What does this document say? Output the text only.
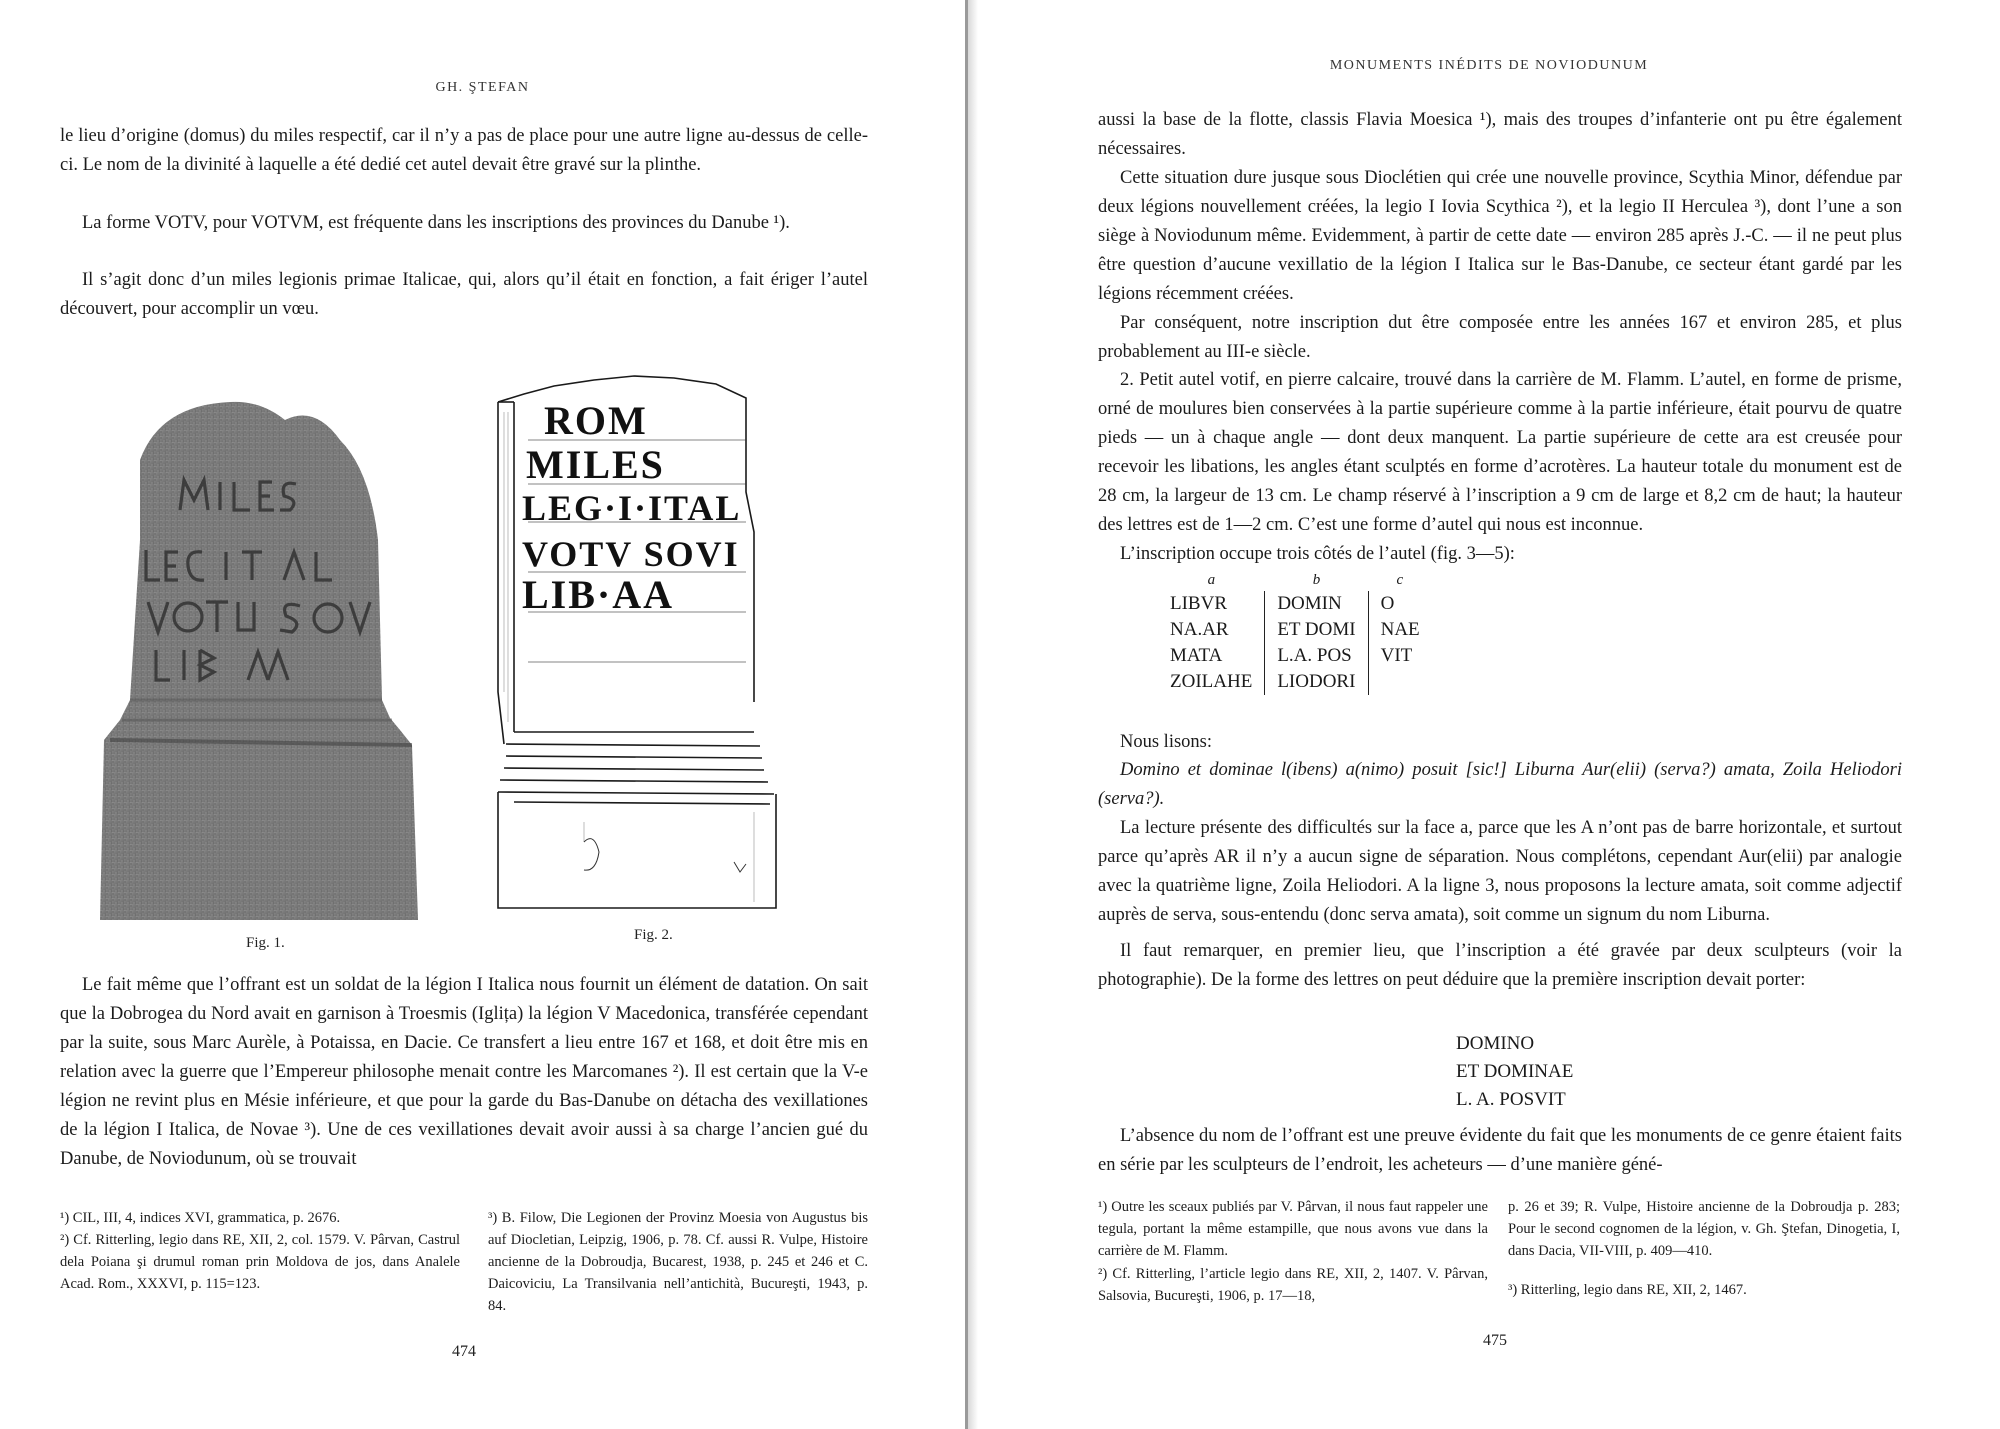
GH. ŞTEFAN

le lieu d’origine (domus) du miles respectif, car il n’y a pas de place pour une autre ligne au-dessus de celle-ci. Le nom de la divinité à laquelle a été dedié cet autel devait être gravé sur la plinthe.

La forme VOTV, pour VOTVM, est fréquente dans les inscriptions des provinces du Danube ¹).

Il s’agit donc d’un miles legionis primae Italicae, qui, alors qu’il était en fonction, a fait ériger l’autel découvert, pour accomplir un vœu.

ROM
MILES
LEG·I·ITAL
VOTV SOVI
LIB·AA
Fig. 1.	Fig. 2.

Le fait même que l’offrant est un soldat de la légion I Italica nous fournit un élément de datation. On sait que la Dobrogea du Nord avait en garnison à Troesmis (Iglița) la légion V Macedonica, transférée cependant par la suite, sous Marc Aurèle, à Potaissa, en Dacie. Ce transfert a lieu entre 167 et 168, et doit être mis en relation avec la guerre que l’Empereur philosophe menait contre les Marcomanes ²). Il est certain que la V-e légion ne revint plus en Mésie inférieure, et que pour la garde du Bas-Danube on détacha des vexillationes de la légion I Italica, de Novae ³). Une de ces vexillationes devait avoir aussi à sa charge l’ancien gué du Danube, de Noviodunum, où se trouvait

¹) CIL, III, 4, indices XVI, grammatica, p. 2676.

²) Cf. Ritterling, legio dans RE, XII, 2, col. 1579. V. Pârvan, Castrul dela Poiana şi drumul roman prin Moldova de jos, dans Analele Acad. Rom., XXXVI, p. 115=123.

³) B. Filow, Die Legionen der Provinz Moesia von Augustus bis auf Diocletian, Leipzig, 1906, p. 78. Cf. aussi R. Vulpe, Histoire ancienne de la Dobroudja, Bucarest, 1938, p. 245 et 246 et C. Daicoviciu, La Transilvania nell’antichità, Bucureşti, 1943, p. 84.

474
MONUMENTS INÉDITS DE NOVIODUNUM

aussi la base de la flotte, classis Flavia Moesica ¹), mais des troupes d’infanterie ont pu être également nécessaires.

Cette situation dure jusque sous Dioclétien qui crée une nouvelle province, Scythia Minor, défendue par deux légions nouvellement créées, la legio I Iovia Scythica ²), et la legio II Herculea ³), dont l’une a son siège à Noviodunum même. Evidemment, à partir de cette date — environ 285 après J.-C. — il ne peut plus être question d’aucune vexillatio de la légion I Italica sur le Bas-Danube, ce secteur étant gardé par les légions récemment créées.

Par conséquent, notre inscription dut être composée entre les années 167 et environ 285, et plus probablement au III-e siècle.

2. Petit autel votif, en pierre calcaire, trouvé dans la carrière de M. Flamm. L’autel, en forme de prisme, orné de moulures bien conservées à la partie supérieure comme à la partie inférieure, était pourvu de quatre pieds — un à chaque angle — dont deux manquent. La partie supérieure de cette ara est creusée pour recevoir les libations, les angles étant sculptés en forme d’acrotères. La hauteur totale du monument est de 28 cm, la largeur de 13 cm. Le champ réservé à l’inscription a 9 cm de large et 8,2 cm de haut; la hauteur des lettres est de 1—2 cm. C’est une forme d’autel qui nous est inconnue.

L’inscription occupe trois côtés de l’autel (fig. 3—5):

a	b	c
LIBVR	DOMIN	O
NA.AR	ET DOMI	NAE
MATA	L.A. POS	VIT
ZOILAHE	LIODORI	

Nous lisons:

Domino et dominae l(ibens) a(nimo) posuit [sic!] Liburna Aur(elii) (serva?) amata, Zoila Heliodori (serva?).

La lecture présente des difficultés sur la face a, parce que les A n’ont pas de barre horizontale, et surtout parce qu’après AR il n’y a aucun signe de séparation. Nous complétons, cependant Aur(elii) par analogie avec la quatrième ligne, Zoila Heliodori. A la ligne 3, nous proposons la lecture amata, soit comme adjectif auprès de serva, sous-entendu (donc serva amata), soit comme un signum du nom Liburna.

Il faut remarquer, en premier lieu, que l’inscription a été gravée par deux sculpteurs (voir la photographie). De la forme des lettres on peut déduire que la première inscription devait porter:

DOMINO
ET DOMINAE
L. A. POSVIT

L’absence du nom de l’offrant est une preuve évidente du fait que les monuments de ce genre étaient faits en série par les sculpteurs de l’endroit, les acheteurs — d’une manière géné-

¹) Outre les sceaux publiés par V. Pârvan, il nous faut rappeler une tegula, portant la même estampille, que nous avons vue dans la carrière de M. Flamm.

²) Cf. Ritterling, l’article legio dans RE, XII, 2, 1407. V. Pârvan, Salsovia, Bucureşti, 1906, p. 17—18,

p. 26 et 39; R. Vulpe, Histoire ancienne de la Dobroudja p. 283; Pour le second cognomen de la légion, v. Gh. Ştefan, Dinogetia, I, dans Dacia, VII-VIII, p. 409—410.

³) Ritterling, legio dans RE, XII, 2, 1467.

475
